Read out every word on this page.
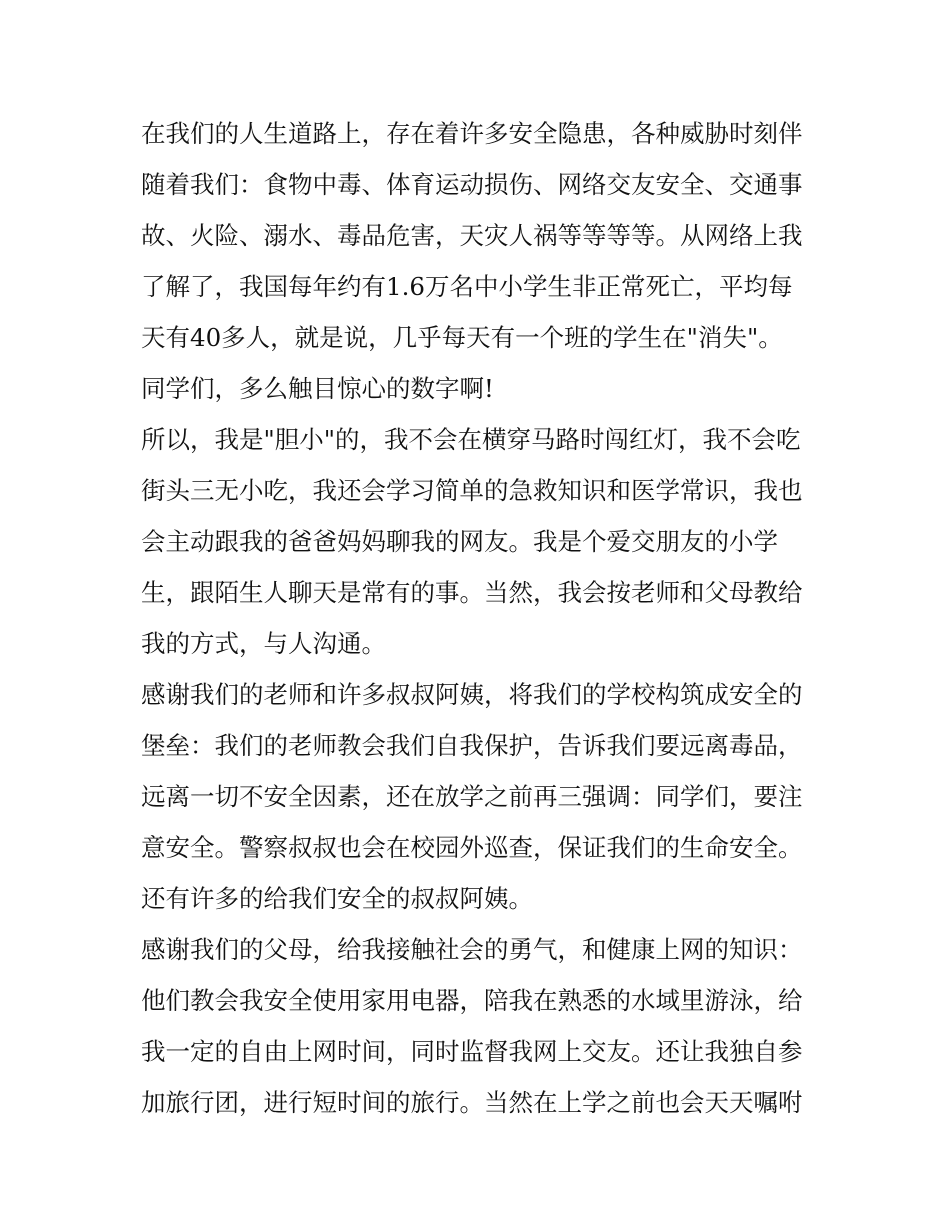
在我们的人生道路上，存在着许多安全隐患，各种威胁时刻伴
随着我们：食物中毒、体育运动损伤、网络交友安全、交通事
故、火险、溺水、毒品危害，天灾人祸等等等等。从网络上我
了解了，我国每年约有1.6万名中小学生非正常死亡，平均每
天有40多人，就是说，几乎每天有一个班的学生在"消失"。
同学们，多么触目惊心的数字啊!

所以，我是"胆小"的，我不会在横穿马路时闯红灯，我不会吃
街头三无小吃，我还会学习简单的急救知识和医学常识，我也
会主动跟我的爸爸妈妈聊我的网友。我是个爱交朋友的小学
生，跟陌生人聊天是常有的事。当然，我会按老师和父母教给
我的方式，与人沟通。

感谢我们的老师和许多叔叔阿姨，将我们的学校构筑成安全的
堡垒：我们的老师教会我们自我保护，告诉我们要远离毒品，
远离一切不安全因素，还在放学之前再三强调：同学们，要注
意安全。警察叔叔也会在校园外巡查，保证我们的生命安全。
还有许多的给我们安全的叔叔阿姨。

感谢我们的父母，给我接触社会的勇气，和健康上网的知识：
他们教会我安全使用家用电器，陪我在熟悉的水域里游泳，给
我一定的自由上网时间，同时监督我网上交友。还让我独自参
加旅行团，进行短时间的旅行。当然在上学之前也会天天嘱咐
